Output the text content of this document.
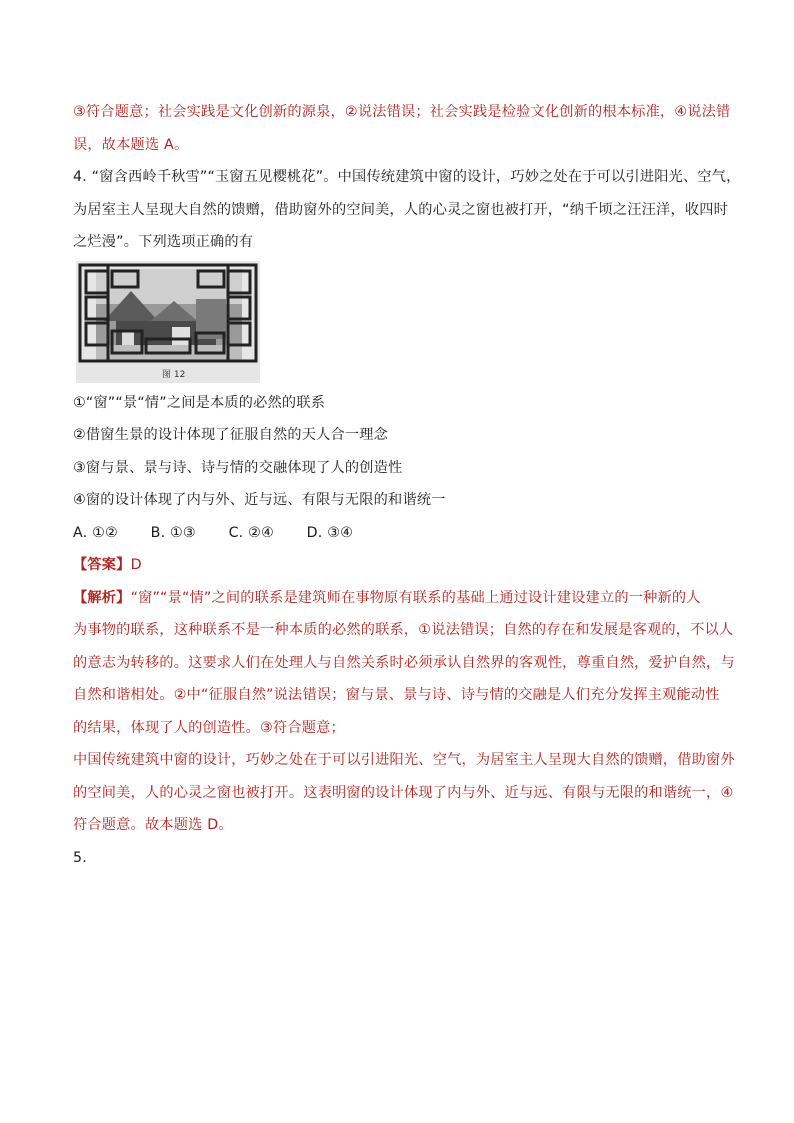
③符合题意；社会实践是文化创新的源泉，②说法错误；社会实践是检验文化创新的根本标准，④说法错
误，故本题选 A。
4. “窗含西岭千秋雪”“玉窗五见樱桃花”。中国传统建筑中窗的设计，巧妙之处在于可以引进阳光、空气，
为居室主人呈现大自然的馈赠，借助窗外的空间美，人的心灵之窗也被打开，“纳千顷之汪汪洋，收四时
之烂漫”。下列选项正确的有
图 12
①“窗”“景“情”之间是本质的必然的联系
②借窗生景的设计体现了征服自然的天人合一理念
③窗与景、景与诗、诗与情的交融体现了人的创造性
④窗的设计体现了内与外、近与远、有限与无限的和谐统一
A. ①② B. ①③ C. ②④ D. ③④
【答案】D
【解析】“窗”“景“情”之间的联系是建筑师在事物原有联系的基础上通过设计建设建立的一种新的人
为事物的联系，这种联系不是一种本质的必然的联系，①说法错误；自然的存在和发展是客观的，不以人
的意志为转移的。这要求人们在处理人与自然关系时必须承认自然界的客观性，尊重自然，爱护自然，与
自然和谐相处。②中“征服自然”说法错误；窗与景、景与诗、诗与情的交融是人们充分发挥主观能动性
的结果，体现了人的创造性。③符合题意；
中国传统建筑中窗的设计，巧妙之处在于可以引进阳光、空气，为居室主人呈现大自然的馈赠，借助窗外
的空间美，人的心灵之窗也被打开。这表明窗的设计体现了内与外、近与远、有限与无限的和谐统一，④
符合题意。故本题选 D。
5.
